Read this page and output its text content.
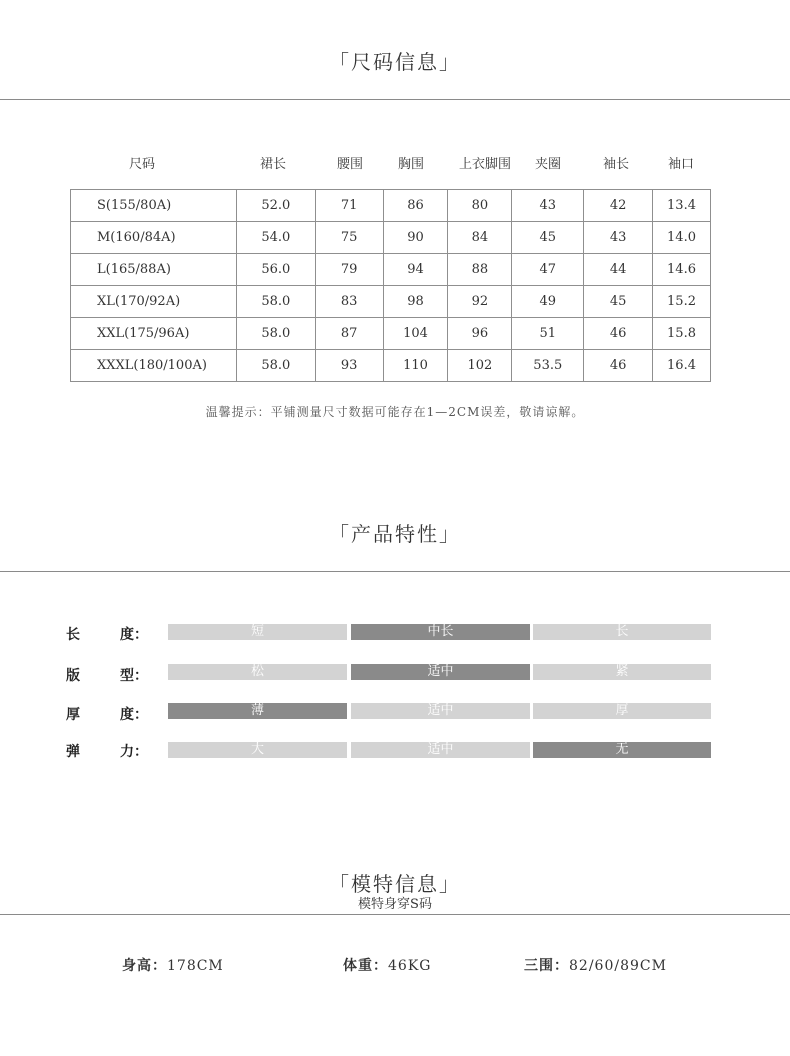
「尺码信息」
尺码	裙长	腰围	胸围	上衣脚围	夹圈	袖长	袖口
S(155/80A)	52.0	71	86	80	43	42	13.4
M(160/84A)	54.0	75	90	84	45	43	14.0
L(165/88A)	56.0	79	94	88	47	44	14.6
XL(170/92A)	58.0	83	98	92	49	45	15.2
XXL(175/96A)	58.0	87	104	96	51	46	15.8
XXXL(180/100A)	58.0	93	110	102	53.5	46	16.4
温馨提示：平铺测量尺寸数据可能存在1—2CM误差，敬请谅解。
「产品特性」
长	度：	短	中长	长
版	型：	松	适中	紧
厚	度：	薄	适中	厚
弹	力：	大	适中	无
「模特信息」
模特身穿S码
身高：178CM	体重：46KG	三围：82/60/89CM
